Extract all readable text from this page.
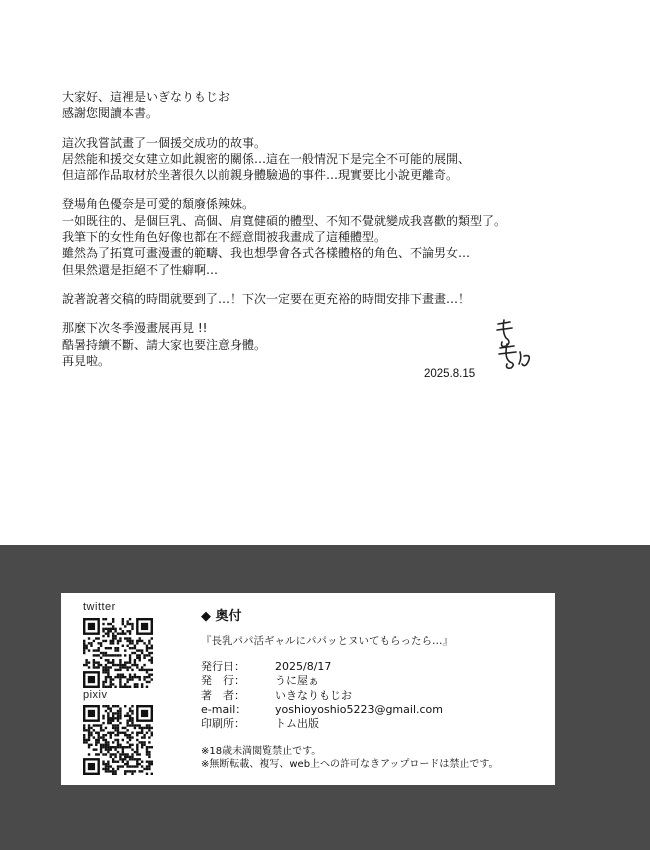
大家好、這裡是いぎなりもじお
感謝您閱讀本書。
這次我嘗試畫了一個援交成功的故事。
居然能和援交女建立如此親密的關係…這在一般情況下是完全不可能的展開、
但這部作品取材於坐著很久以前親身體驗過的事件…現實要比小說更離奇。
登場角色優奈是可愛的頹廢係辣妹。
一如既往的、是個巨乳、高個、肩寬健碩的體型、不知不覺就變成我喜歡的類型了。
我筆下的女性角色好像也都在不經意間被我畫成了這種體型。
雖然為了拓寬可畫漫畫的範疇、我也想學會各式各樣體格的角色、不論男女…
但果然還是拒絕不了性癖啊…
說著說著交稿的時間就要到了…！下次一定要在更充裕的時間安排下畫畫…！
那麼下次冬季漫畫展再見 !!
酷暑持續不斷、請大家也要注意身體。
再見啦。
2025.8.15
twitter
pixiv
◆ 奥付
『長乳パパ活ギャルにパパッとヌいてもらったら…』
発行日：	2025/8/17
発　行：	うに屋ぁ
著　者：	いきなりもじお
e-mail：	yoshioyoshio5223@gmail.com
印刷所：	トム出版
※18歳未満閲覧禁止です。
※無断転載、複写、web上への許可なきアップロードは禁止です。
